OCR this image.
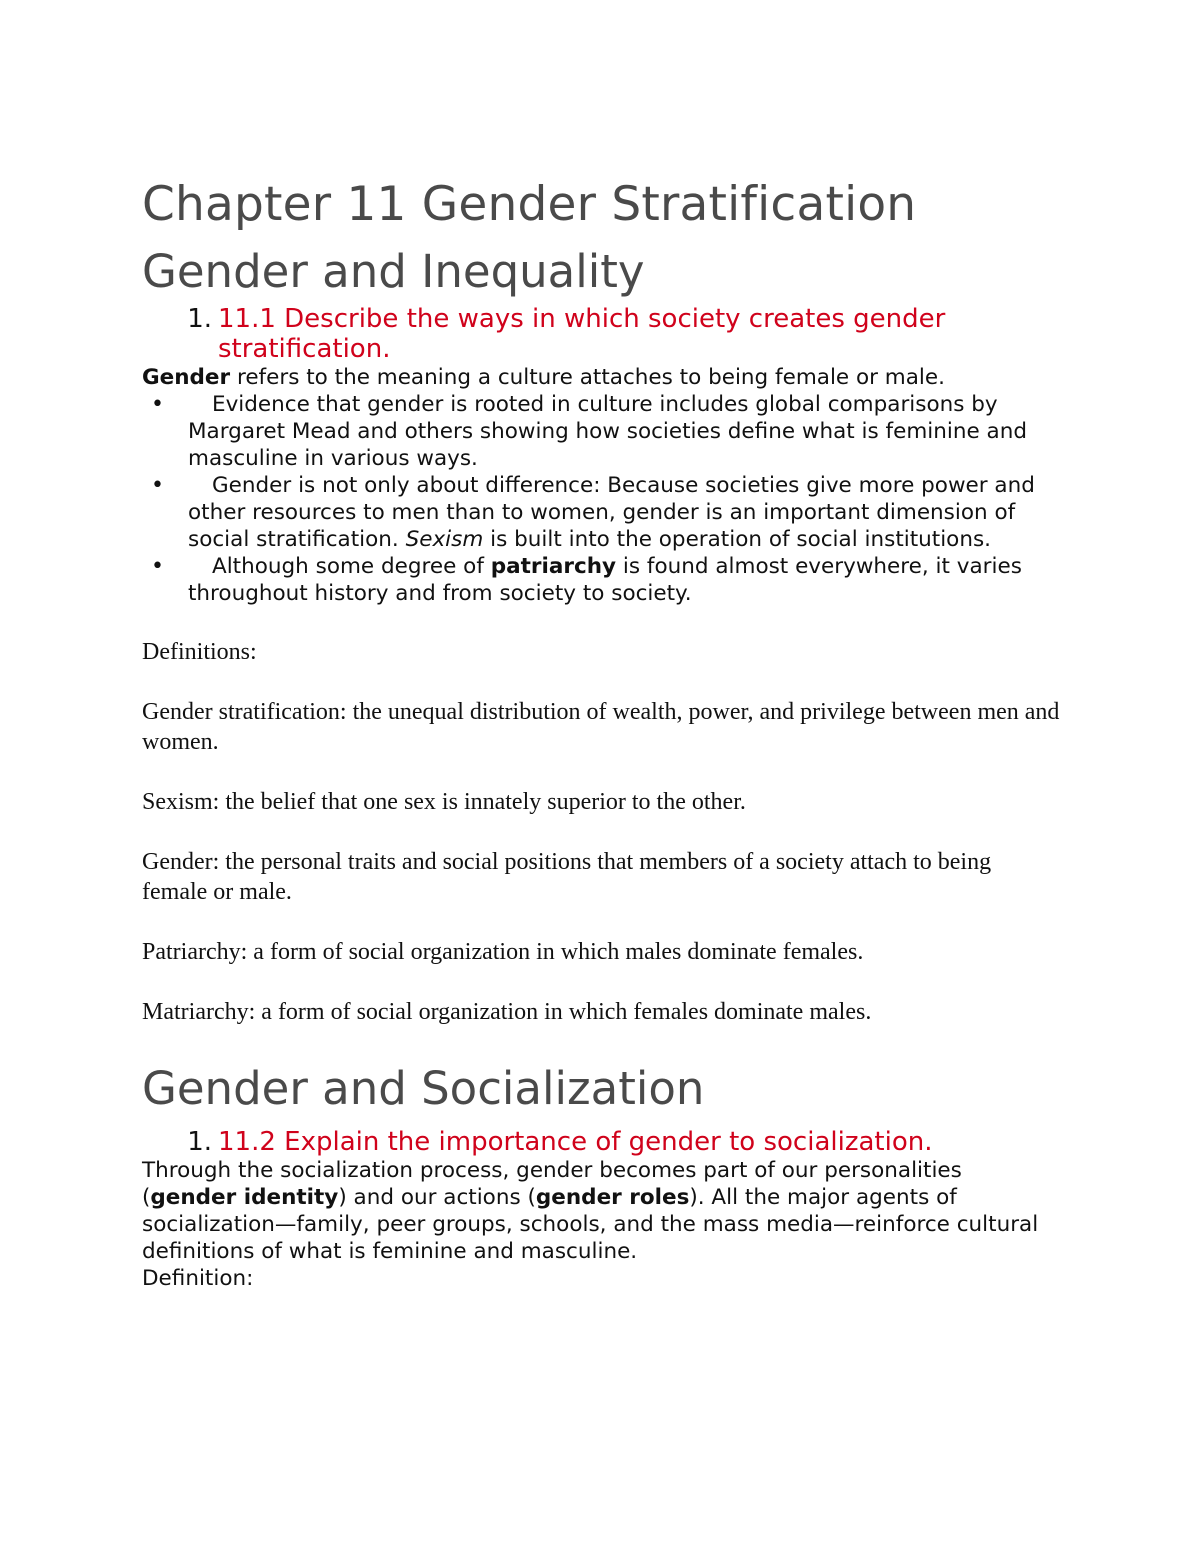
Chapter 11 Gender Stratification
Gender and Inequality
1. 11.1 Describe the ways in which society creates gender stratification.

Gender refers to the meaning a culture attaches to being female or male.

• Evidence that gender is rooted in culture includes global comparisons by Margaret Mead and others showing how societies define what is feminine and masculine in various ways.
• Gender is not only about difference: Because societies give more power and other resources to men than to women, gender is an important dimension of social stratification. Sexism is built into the operation of social institutions.
• Although some degree of patriarchy is found almost everywhere, it varies throughout history and from society to society.

Definitions:

Gender stratification: the unequal distribution of wealth, power, and privilege between men and women.

Sexism: the belief that one sex is innately superior to the other.

Gender: the personal traits and social positions that members of a society attach to being female or male.

Patriarchy: a form of social organization in which males dominate females.

Matriarchy: a form of social organization in which females dominate males.

Gender and Socialization
1. 11.2 Explain the importance of gender to socialization.

Through the socialization process, gender becomes part of our personalities (gender identity) and our actions (gender roles). All the major agents of socialization—family, peer groups, schools, and the mass media—reinforce cultural definitions of what is feminine and masculine.

Definition:
